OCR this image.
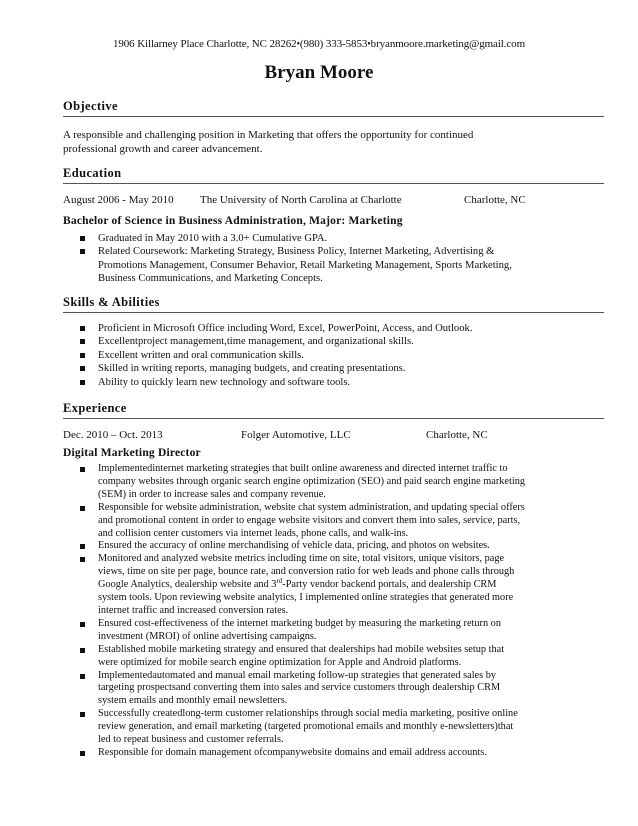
1906 Killarney Place Charlotte, NC 28262•(980) 333-5853•bryanmoore.marketing@gmail.com
Bryan Moore
Objective
A responsible and challenging position in Marketing that offers the opportunity for continued professional growth and career advancement.
Education
August 2006 - May 2010 The University of North Carolina at Charlotte	Charlotte, NC
Bachelor of Science in Business Administration, Major: Marketing
Graduated in May 2010 with a 3.0+ Cumulative GPA.
Related Coursework: Marketing Strategy, Business Policy, Internet Marketing, Advertising & Promotions Management, Consumer Behavior, Retail Marketing Management, Sports Marketing, Business Communications, and Marketing Concepts.
Skills & Abilities
Proficient in Microsoft Office including Word, Excel, PowerPoint, Access, and Outlook.
Excellentproject management,time management, and organizational skills.
Excellent written and oral communication skills.
Skilled in writing reports, managing budgets, and creating presentations.
Ability to quickly learn new technology and software tools.
Experience
Dec. 2010 – Oct. 2013	Folger Automotive, LLC	Charlotte, NC
Digital Marketing Director
Implementedinternet marketing strategies that built online awareness and directed internet traffic to company websites through organic search engine optimization (SEO) and paid search engine marketing (SEM) in order to increase sales and company revenue.
Responsible for website administration, website chat system administration, and updating special offers and promotional content in order to engage website visitors and convert them into sales, service, parts, and collision center customers via internet leads, phone calls, and walk-ins.
Ensured the accuracy of online merchandising of vehicle data, pricing, and photos on websites.
Monitored and analyzed website metrics including time on site, total visitors, unique visitors, page views, time on site per page, bounce rate, and conversion ratio for web leads and phone calls through Google Analytics, dealership website and 3rd-Party vendor backend portals, and dealership CRM system tools. Upon reviewing website analytics, I implemented online strategies that generated more internet traffic and increased conversion rates.
Ensured cost-effectiveness of the internet marketing budget by measuring the marketing return on investment (MROI) of online advertising campaigns.
Established mobile marketing strategy and ensured that dealerships had mobile websites setup that were optimized for mobile search engine optimization for Apple and Android platforms.
Implementedautomated and manual email marketing follow-up strategies that generated sales by targeting prospectsand converting them into sales and service customers through dealership CRM system emails and monthly email newsletters.
Successfully createdlong-term customer relationships through social media marketing, positive online review generation, and email marketing (targeted promotional emails and monthly e-newsletters)that led to repeat business and customer referrals.
Responsible for domain management ofcompanywebsite domains and email address accounts.
